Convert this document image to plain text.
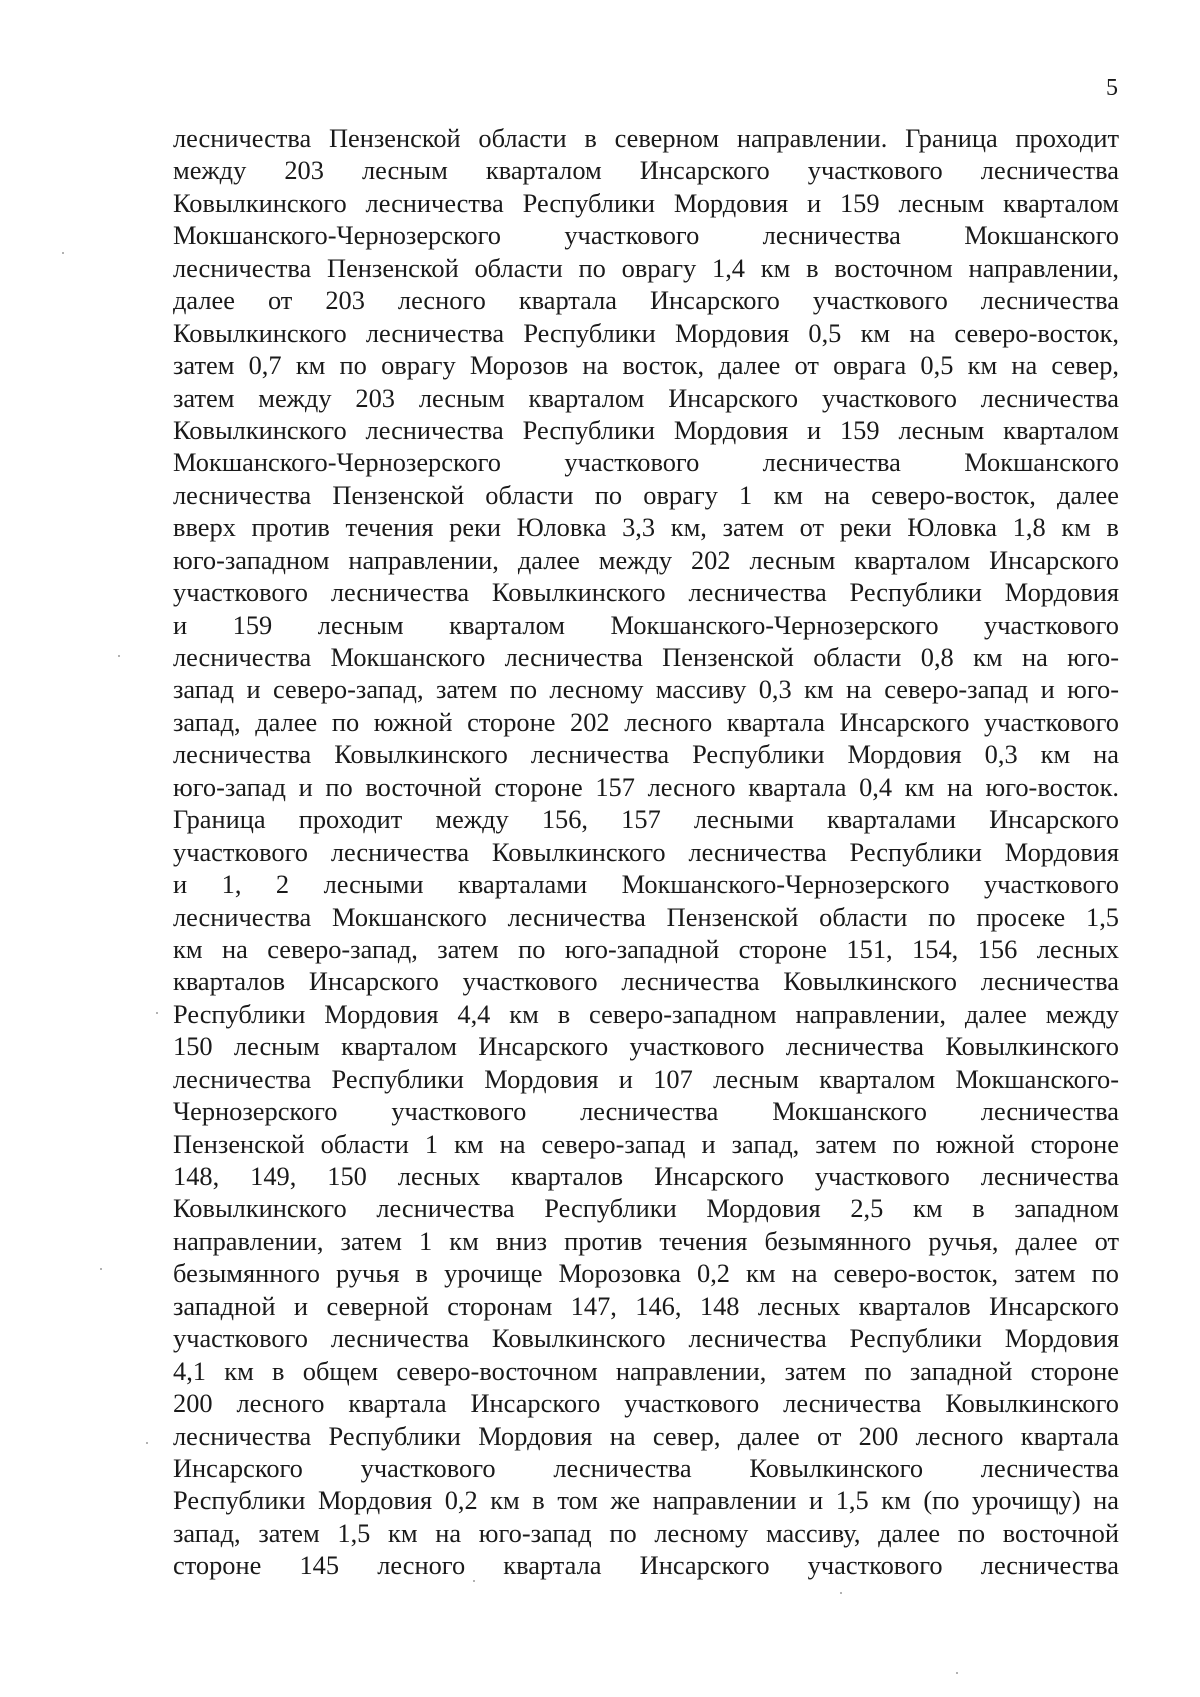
5
лесничества Пензенской области в северном направлении. Граница проходит
между 203 лесным кварталом Инсарского участкового лесничества
Ковылкинского лесничества Республики Мордовия и 159 лесным кварталом
Мокшанского-Чернозерского участкового лесничества Мокшанского
лесничества Пензенской области по оврагу 1,4 км в восточном направлении,
далее от 203 лесного квартала Инсарского участкового лесничества
Ковылкинского лесничества Республики Мордовия 0,5 км на северо-восток,
затем 0,7 км по оврагу Морозов на восток, далее от оврага 0,5 км на север,
затем между 203 лесным кварталом Инсарского участкового лесничества
Ковылкинского лесничества Республики Мордовия и 159 лесным кварталом
Мокшанского-Чернозерского участкового лесничества Мокшанского
лесничества Пензенской области по оврагу 1 км на северо-восток, далее
вверх против течения реки Юловка 3,3 км, затем от реки Юловка 1,8 км в
юго-западном направлении, далее между 202 лесным кварталом Инсарского
участкового лесничества Ковылкинского лесничества Республики Мордовия
и 159 лесным кварталом Мокшанского-Чернозерского участкового
лесничества Мокшанского лесничества Пензенской области 0,8 км на юго-
запад и северо-запад, затем по лесному массиву 0,3 км на северо-запад и юго-
запад, далее по южной стороне 202 лесного квартала Инсарского участкового
лесничества Ковылкинского лесничества Республики Мордовия 0,3 км на
юго-запад и по восточной стороне 157 лесного квартала 0,4 км на юго-восток.
Граница проходит между 156, 157 лесными кварталами Инсарского
участкового лесничества Ковылкинского лесничества Республики Мордовия
и 1, 2 лесными кварталами Мокшанского-Чернозерского участкового
лесничества Мокшанского лесничества Пензенской области по просеке 1,5
км на северо-запад, затем по юго-западной стороне 151, 154, 156 лесных
кварталов Инсарского участкового лесничества Ковылкинского лесничества
Республики Мордовия 4,4 км в северо-западном направлении, далее между
150 лесным кварталом Инсарского участкового лесничества Ковылкинского
лесничества Республики Мордовия и 107 лесным кварталом Мокшанского-
Чернозерского участкового лесничества Мокшанского лесничества
Пензенской области 1 км на северо-запад и запад, затем по южной стороне
148, 149, 150 лесных кварталов Инсарского участкового лесничества
Ковылкинского лесничества Республики Мордовия 2,5 км в западном
направлении, затем 1 км вниз против течения безымянного ручья, далее от
безымянного ручья в урочище Морозовка 0,2 км на северо-восток, затем по
западной и северной сторонам 147, 146, 148 лесных кварталов Инсарского
участкового лесничества Ковылкинского лесничества Республики Мордовия
4,1 км в общем северо-восточном направлении, затем по западной стороне
200 лесного квартала Инсарского участкового лесничества Ковылкинского
лесничества Республики Мордовия на север, далее от 200 лесного квартала
Инсарского участкового лесничества Ковылкинского лесничества
Республики Мордовия 0,2 км в том же направлении и 1,5 км (по урочищу) на
запад, затем 1,5 км на юго-запад по лесному массиву, далее по восточной
стороне 145 лесного квартала Инсарского участкового лесничества
